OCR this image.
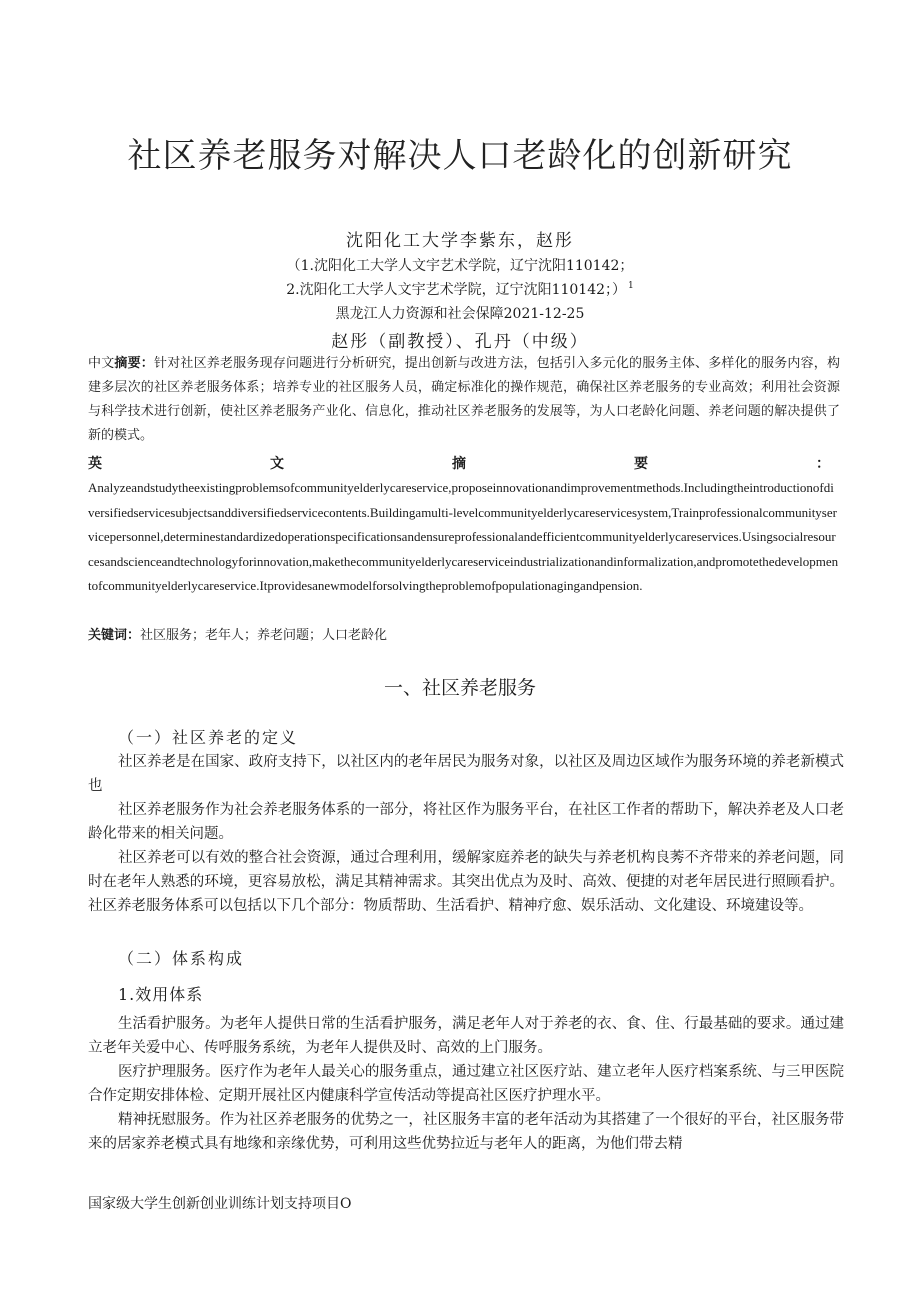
社区养老服务对解决人口老龄化的创新研究
沈阳化工大学李紫东，赵彤
（1.沈阳化工大学人文宇艺术学院，辽宁沈阳110142；
2.沈阳化工大学人文宇艺术学院，辽宁沈阳110142；） $^1$
黑龙江人力资源和社会保障2021-12-25
赵彤（副教授）、孔丹（中级）
中文摘要：针对社区养老服务现存问题进行分析研究，提出创新与改进方法，包括引入多元化的服务主体、多样化的服务内容，构建多层次的社区养老服务体系；培养专业的社区服务人员，确定标准化的操作规范，确保社区养老服务的专业高效；利用社会资源与科学技术进行创新，使社区养老服务产业化、信息化，推动社区养老服务的发展等，为人口老龄化问题、养老问题的解决提供了新的模式。
英	文	摘	要	：
Analyzeandstudytheexistingproblemsofcommunityelderlycareservice,proposeinnovationandimprovementmethods.Includingtheintroductionofdiversifiedservicesubjectsanddiversifiedservicecontents.Buildingamulti-levelcommunityelderlycareservicesystem,Trainprofessionalcommunityservicepersonnel,determinestandardizedoperationspecificationsandensureprofessionalandefficientcommunityelderlycareservices.Usingsocialresourcesandscienceandtechnologyforinnovation,makethecommunityelderlycareserviceindustrializationandinformalization,andpromotethedevelopmentofcommunityelderlycareservice.Itprovidesanewmodelforsolvingtheproblemofpopulationagingandpension.
关键词：社区服务；老年人；养老问题；人口老龄化
一、社区养老服务
（一）社区养老的定义
社区养老是在国家、政府支持下，以社区内的老年居民为服务对象，以社区及周边区域作为服务环境的养老新模式也
社区养老服务作为社会养老服务体系的一部分，将社区作为服务平台，在社区工作者的帮助下，解决养老及人口老龄化带来的相关问题。
社区养老可以有效的整合社会资源，通过合理利用，缓解家庭养老的缺失与养老机构良莠不齐带来的养老问题，同时在老年人熟悉的环境，更容易放松，满足其精神需求。其突出优点为及时、高效、便捷的对老年居民进行照顾看护。社区养老服务体系可以包括以下几个部分：物质帮助、生活看护、精神疗愈、娱乐活动、文化建设、环境建设等。
（二）体系构成
1.效用体系
生活看护服务。为老年人提供日常的生活看护服务，满足老年人对于养老的衣、食、住、行最基础的要求。通过建立老年关爱中心、传呼服务系统，为老年人提供及时、高效的上门服务。
医疗护理服务。医疗作为老年人最关心的服务重点，通过建立社区医疗站、建立老年人医疗档案系统、与三甲医院合作定期安排体检、定期开展社区内健康科学宣传活动等提高社区医疗护理水平。
精神抚慰服务。作为社区养老服务的优势之一，社区服务丰富的老年活动为其搭建了一个很好的平台，社区服务带来的居家养老模式具有地缘和亲缘优势，可利用这些优势拉近与老年人的距离，为他们带去精
国家级大学生创新创业训练计划支持项目O
